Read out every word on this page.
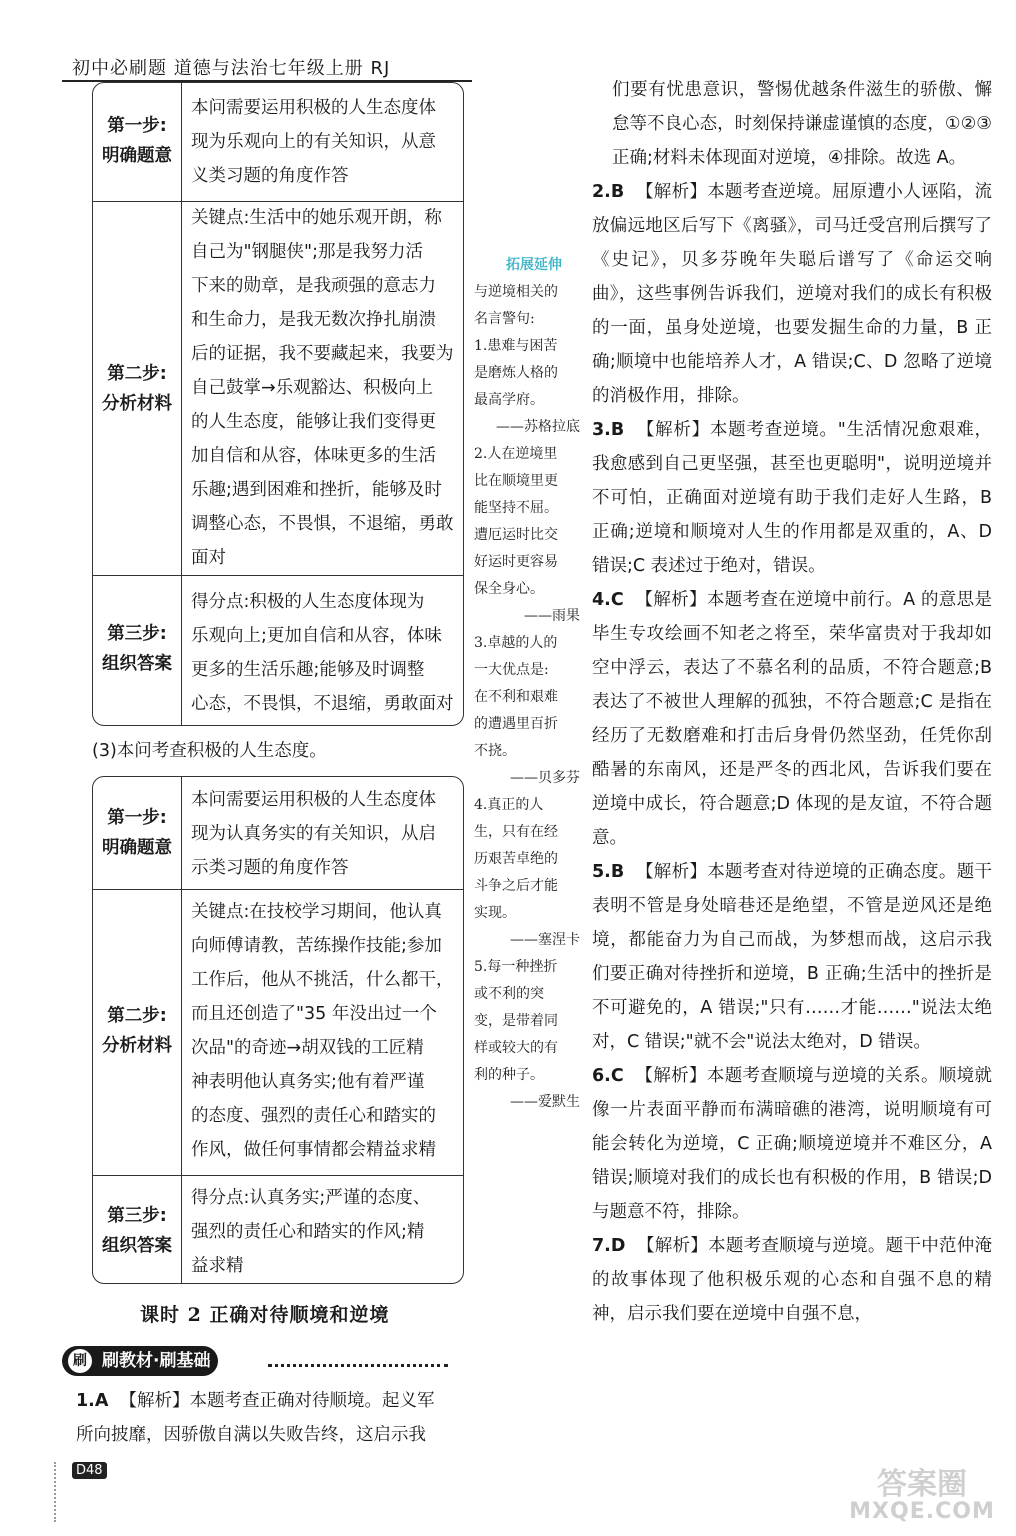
初中必刷题 道德与法治七年级上册 RJ
第一步:
明确题意
本问需要运用积极的人生态度体
现为乐观向上的有关知识，从意
义类习题的角度作答
第二步:
分析材料
关键点:生活中的她乐观开朗，称
自己为"钢腿侠";那是我努力活
下来的勋章，是我顽强的意志力
和生命力，是我无数次挣扎崩溃
后的证据，我不要藏起来，我要为
自己鼓掌→乐观豁达、积极向上
的人生态度，能够让我们变得更
加自信和从容，体味更多的生活
乐趣;遇到困难和挫折，能够及时
调整心态，不畏惧，不退缩，勇敢
面对
第三步:
组织答案
得分点:积极的人生态度体现为
乐观向上;更加自信和从容，体味
更多的生活乐趣;能够及时调整
心态，不畏惧，不退缩，勇敢面对
(3)本问考查积极的人生态度。
第一步:
明确题意
本问需要运用积极的人生态度体
现为认真务实的有关知识，从启
示类习题的角度作答
第二步:
分析材料
关键点:在技校学习期间，他认真
向师傅请教，苦练操作技能;参加
工作后，他从不挑活，什么都干，
而且还创造了"35 年没出过一个
次品"的奇迹→胡双钱的工匠精
神表明他认真务实;他有着严谨
的态度、强烈的责任心和踏实的
作风，做任何事情都会精益求精
第三步:
组织答案
得分点:认真务实;严谨的态度、
强烈的责任心和踏实的作风;精
益求精
课时 2 正确对待顺境和逆境
刷 刷教材·刷基础
1.A 【解析】本题考查正确对待顺境。起义军
所向披靡，因骄傲自满以失败告终，这启示我
拓展延伸

与逆境相关的

名言警句:

1.患难与困苦

是磨炼人格的

最高学府。

——苏格拉底

2.人在逆境里

比在顺境里更

能坚持不屈。

遭厄运时比交

好运时更容易

保全身心。

——雨果

3.卓越的人的

一大优点是:

在不利和艰难

的遭遇里百折

不挠。

——贝多芬

4.真正的人

生，只有在经

历艰苦卓绝的

斗争之后才能

实现。

——塞涅卡

5.每一种挫折

或不利的突

变，是带着同

样或较大的有

利的种子。

——爱默生

们要有忧患意识，警惕优越条件滋生的骄傲、懈怠等不良心态，时刻保持谦虚谨慎的态度，①②③正确;材料未体现面对逆境，④排除。故选 A。

2.B 【解析】本题考查逆境。屈原遭小人诬陷，流放偏远地区后写下《离骚》，司马迁受宫刑后撰写了《史记》，贝多芬晚年失聪后谱写了《命运交响曲》，这些事例告诉我们，逆境对我们的成长有积极的一面，虽身处逆境，也要发掘生命的力量，B 正确;顺境中也能培养人才，A 错误;C、D 忽略了逆境的消极作用，排除。

3.B 【解析】本题考查逆境。"生活情况愈艰难，我愈感到自己更坚强，甚至也更聪明"，说明逆境并不可怕，正确面对逆境有助于我们走好人生路，B 正确;逆境和顺境对人生的作用都是双重的，A、D 错误;C 表述过于绝对，错误。

4.C 【解析】本题考查在逆境中前行。A 的意思是毕生专攻绘画不知老之将至，荣华富贵对于我却如空中浮云，表达了不慕名利的品质，不符合题意;B 表达了不被世人理解的孤独，不符合题意;C 是指在经历了无数磨难和打击后身骨仍然坚劲，任凭你刮酷暑的东南风，还是严冬的西北风，告诉我们要在逆境中成长，符合题意;D 体现的是友谊，不符合题意。

5.B 【解析】本题考查对待逆境的正确态度。题干表明不管是身处暗巷还是绝望，不管是逆风还是绝境，都能奋力为自己而战，为梦想而战，这启示我们要正确对待挫折和逆境，B 正确;生活中的挫折是不可避免的，A 错误;"只有……才能……"说法太绝对，C 错误;"就不会"说法太绝对，D 错误。

6.C 【解析】本题考查顺境与逆境的关系。顺境就像一片表面平静而布满暗礁的港湾，说明顺境有可能会转化为逆境，C 正确;顺境逆境并不难区分，A 错误;顺境对我们的成长也有积极的作用，B 错误;D 与题意不符，排除。

7.D 【解析】本题考查顺境与逆境。题干中范仲淹的故事体现了他积极乐观的心态和自强不息的精神，启示我们要在逆境中自强不息，

D48	答案圈
MXQE.COM
